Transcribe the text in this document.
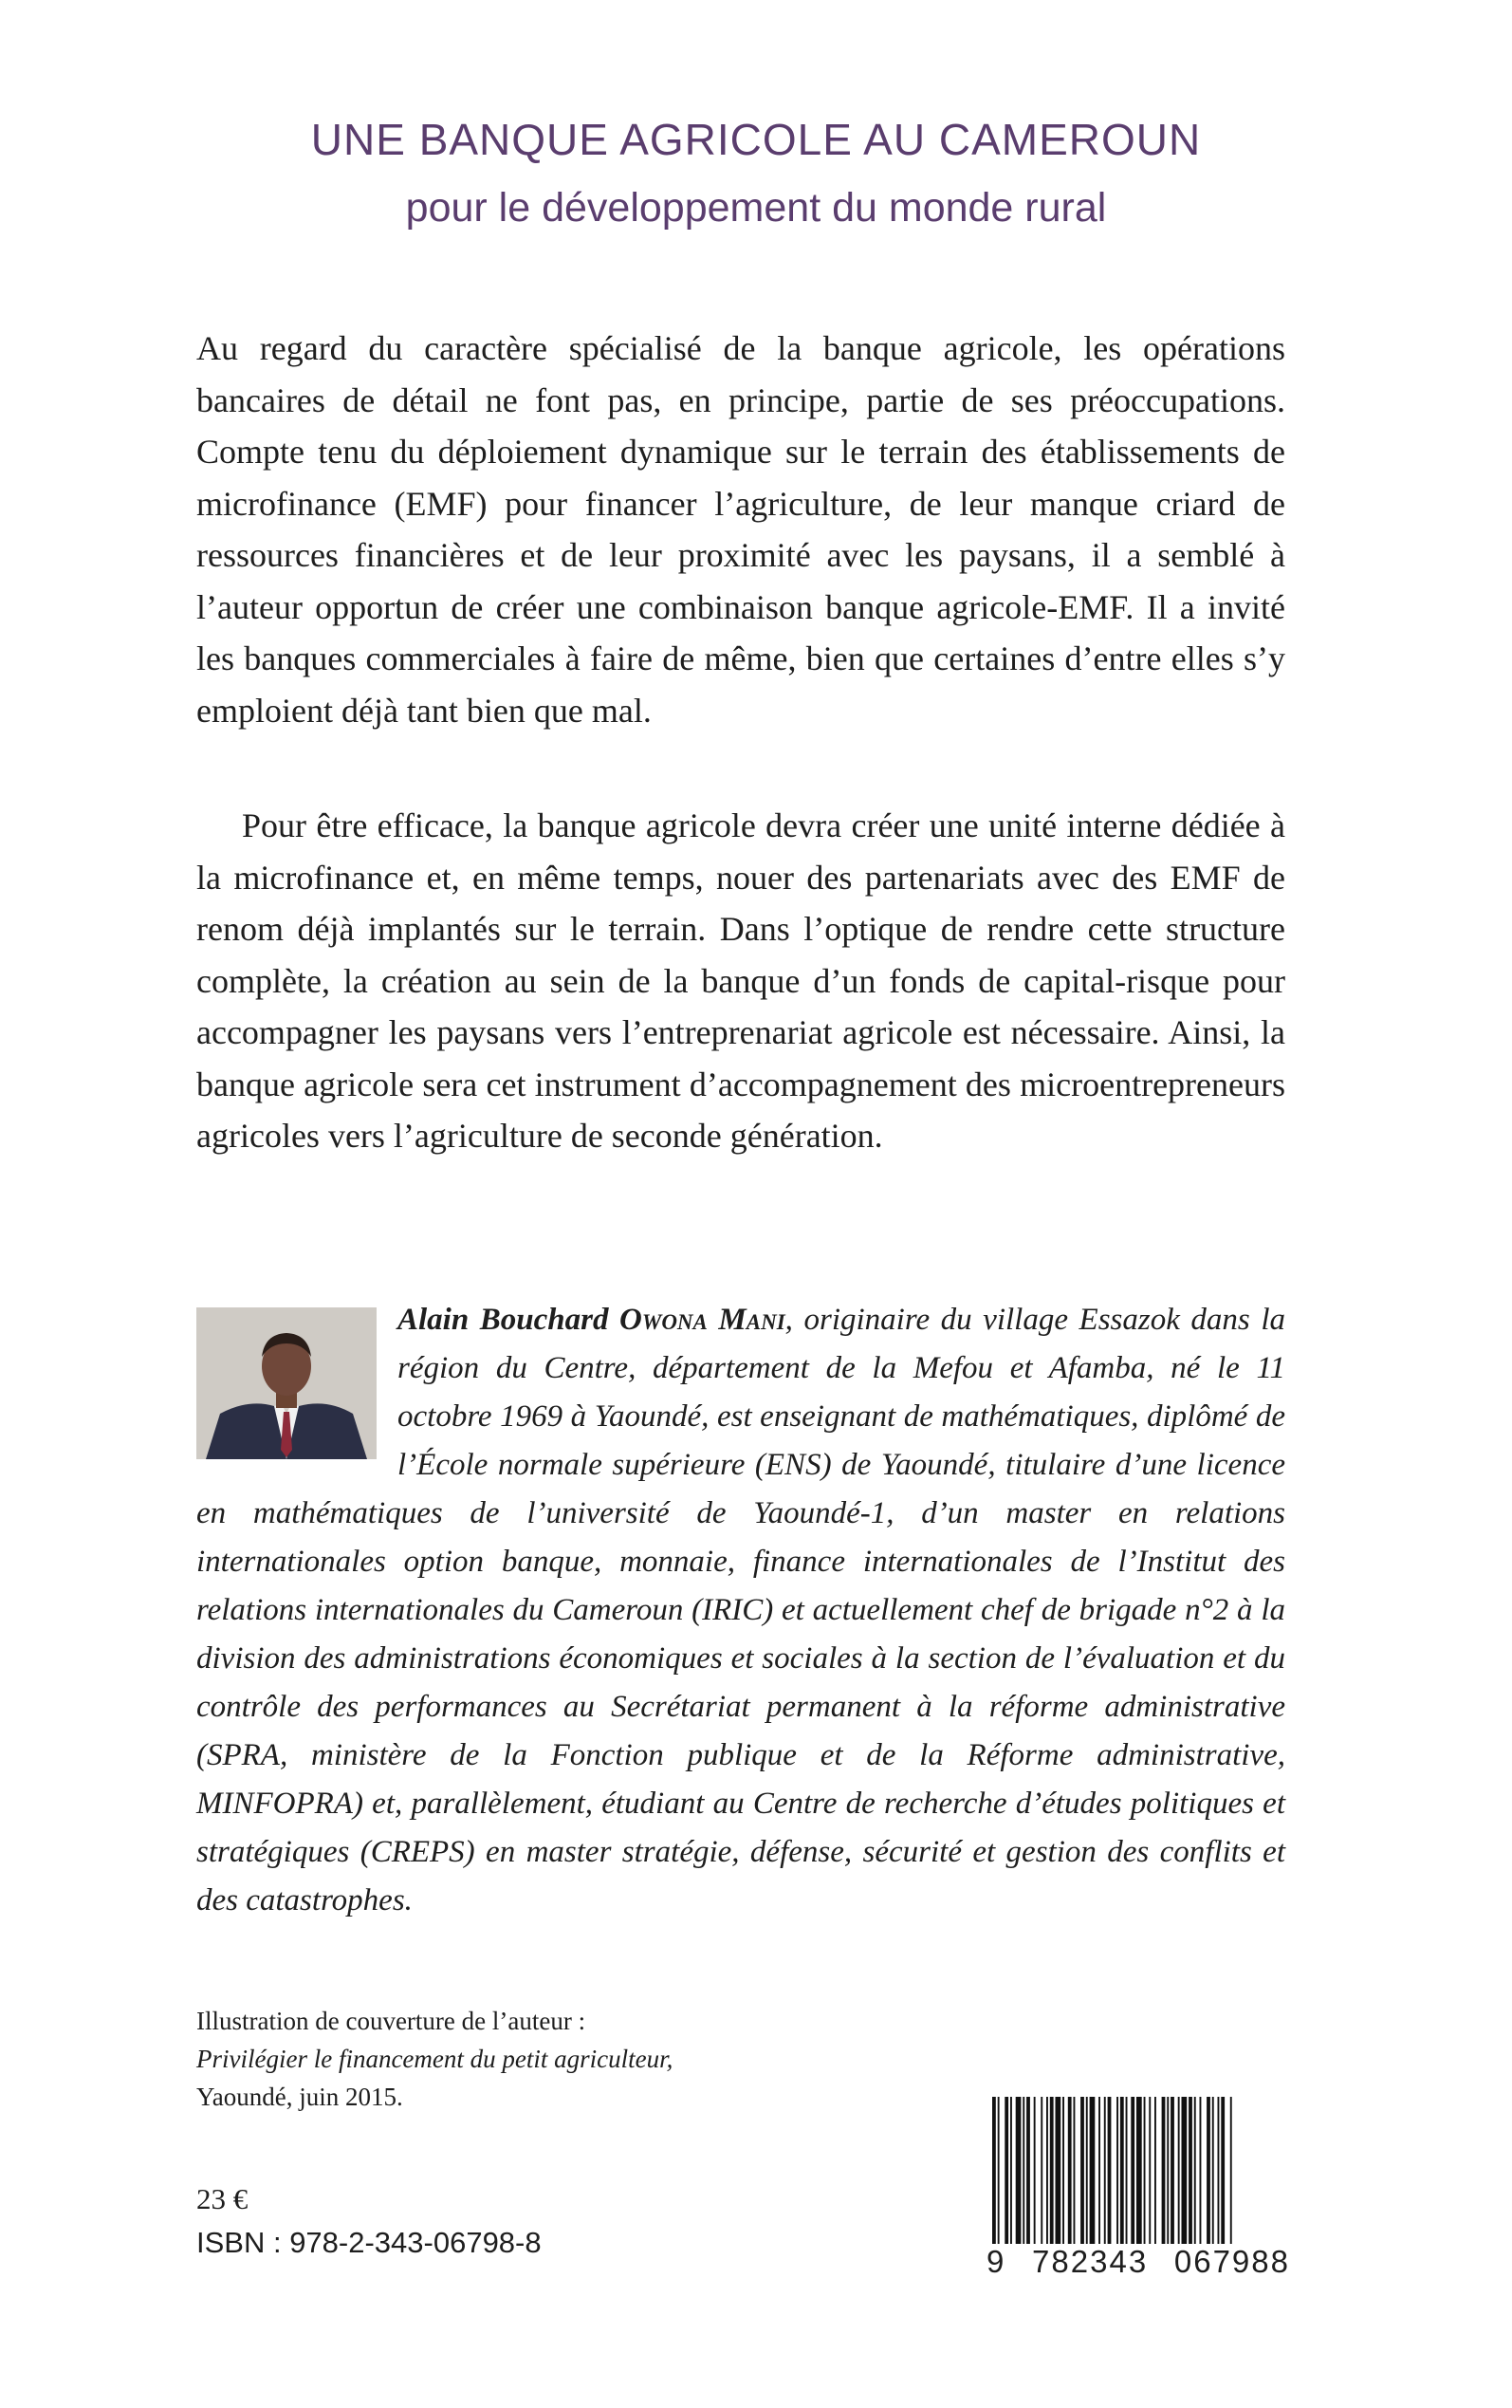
UNE BANQUE AGRICOLE AU CAMEROUN
pour le développement du monde rural

Au regard du caractère spécialisé de la banque agricole, les opérations bancaires de détail ne font pas, en principe, partie de ses préoccupations. Compte tenu du déploiement dynamique sur le terrain des établissements de microfinance (EMF) pour financer l’agriculture, de leur manque criard de ressources financières et de leur proximité avec les paysans, il a semblé à l’auteur opportun de créer une combinaison banque agricole-EMF. Il a invité les banques commerciales à faire de même, bien que certaines d’entre elles s’y emploient déjà tant bien que mal.

Pour être efficace, la banque agricole devra créer une unité interne dédiée à la microfinance et, en même temps, nouer des partenariats avec des EMF de renom déjà implantés sur le terrain. Dans l’optique de rendre cette structure complète, la création au sein de la banque d’un fonds de capital-risque pour accompagner les paysans vers l’entreprenariat agricole est nécessaire. Ainsi, la banque agricole sera cet instrument d’accompagnement des microentrepreneurs agricoles vers l’agriculture de seconde génération.

Alain Bouchard Owona Mani, originaire du village Essazok dans la région du Centre, département de la Mefou et Afamba, né le 11 octobre 1969 à Yaoundé, est enseignant de mathématiques, diplômé de l’École normale supérieure (ENS) de Yaoundé, titulaire d’une licence en mathématiques de l’université de Yaoundé-1, d’un master en relations internationales option banque, monnaie, finance internationales de l’Institut des relations internationales du Cameroun (IRIC) et actuellement chef de brigade n°2 à la division des administrations économiques et sociales à la section de l’évaluation et du contrôle des performances au Secrétariat permanent à la réforme administrative (SPRA, ministère de la Fonction publique et de la Réforme administrative, MINFOPRA) et, parallèlement, étudiant au Centre de recherche d’études politiques et stratégiques (CREPS) en master stratégie, défense, sécurité et gestion des conflits et des catastrophes.

Illustration de couverture de l’auteur :
Privilégier le financement du petit agriculteur,
Yaoundé, juin 2015.

23 €
ISBN : 978-2-343-06798-8
9 782343 067988
